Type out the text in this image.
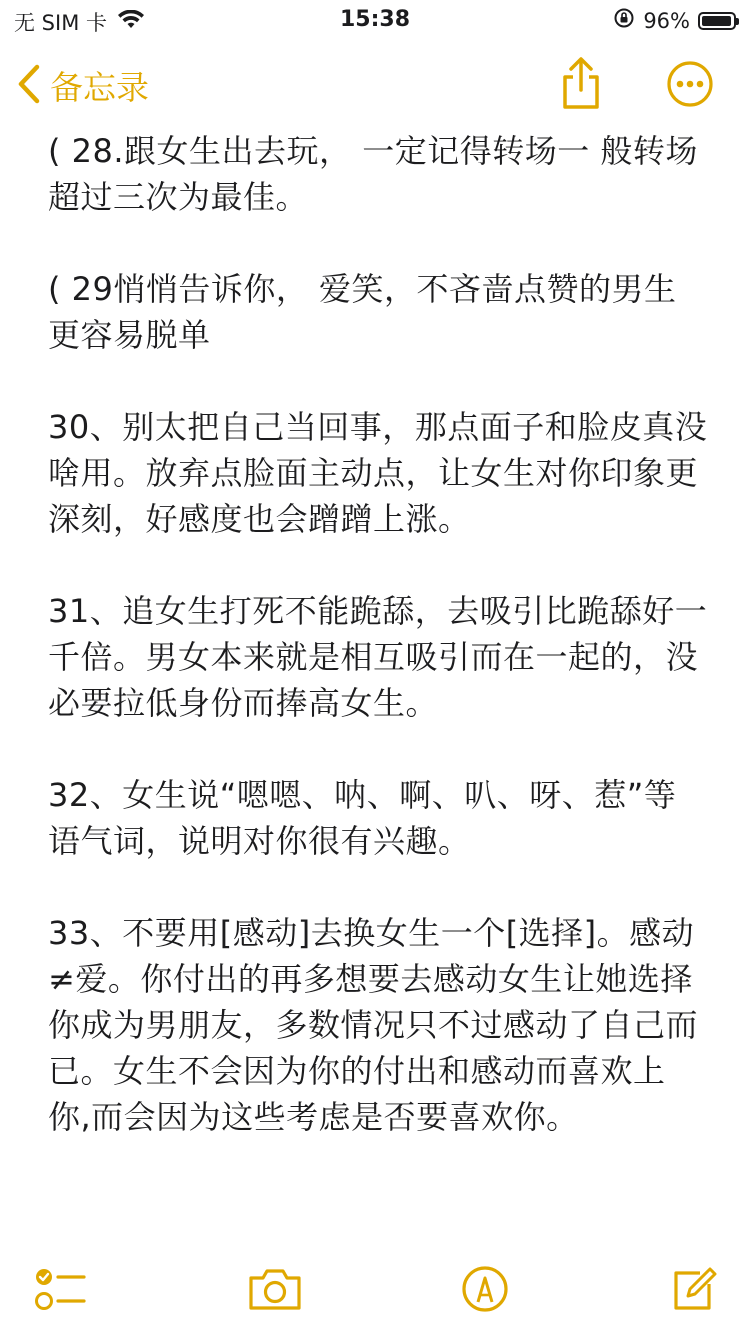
无 SIM 卡	15:38	96%
备忘录

( 28.跟女生出去玩， 一定记得转场一 般转场超过三次为最佳。

( 29悄悄告诉你， 爱笑，不吝啬点赞的男生更容易脱单

30、别太把自己当回事，那点面子和脸皮真没啥用。放弃点脸面主动点，让女生对你印象更深刻，好感度也会蹭蹭上涨。

31、追女生打死不能跪舔，去吸引比跪舔好一千倍。男女本来就是相互吸引而在一起的，没必要拉低身份而捧高女生。

32、女生说“嗯嗯、呐、啊、叭、呀、惹”等语气词，说明对你很有兴趣。

33、不要用[感动]去换女生一个[选择]。感动≠爱。你付出的再多想要去感动女生让她选择你成为男朋友，多数情况只不过感动了自己而已。女生不会因为你的付出和感动而喜欢上你,而会因为这些考虑是否要喜欢你。
